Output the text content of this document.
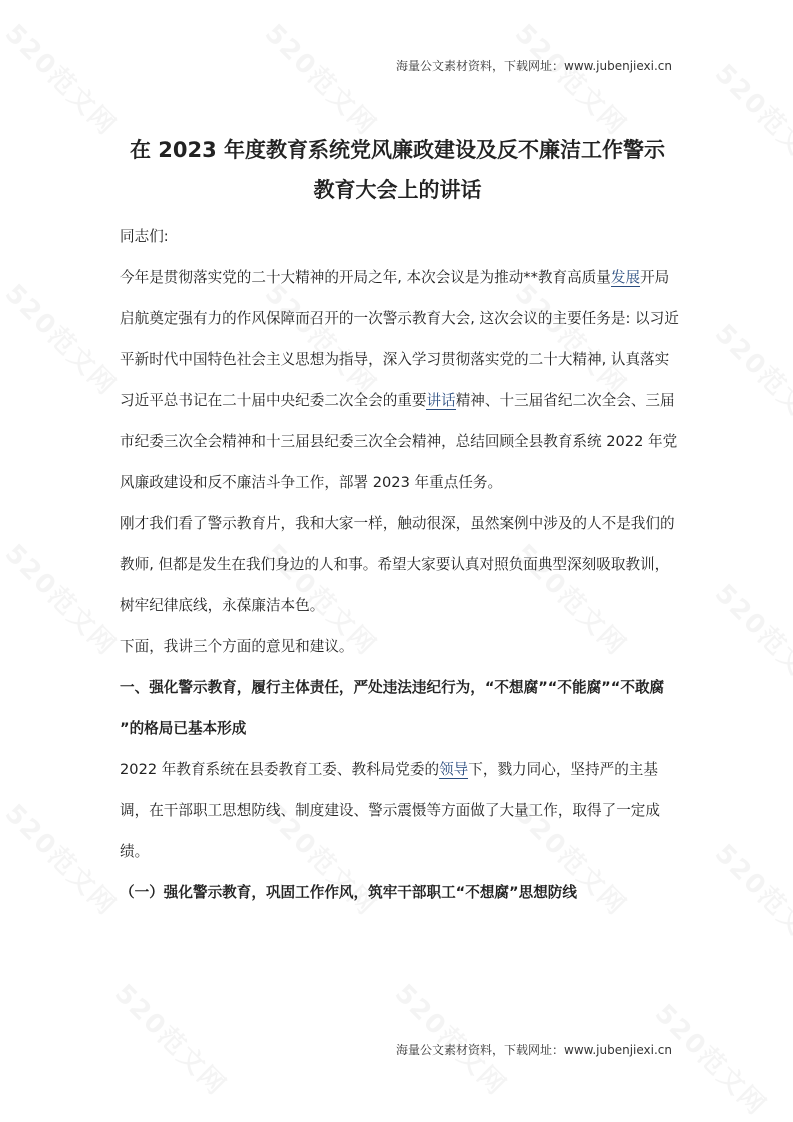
海量公文素材资料，下载网址：www.jubenjiexi.cn
在 2023 年度教育系统党风廉政建设及反不廉洁工作警示
教育大会上的讲话

同志们:

今年是贯彻落实党的二十大精神的开局之年, 本次会议是为推动**教育高质量发展开局启航奠定强有力的作风保障而召开的一次警示教育大会, 这次会议的主要任务是: 以习近平新时代中国特色社会主义思想为指导，深入学习贯彻落实党的二十大精神, 认真落实习近平总书记在二十届中央纪委二次全会的重要讲话精神、十三届省纪二次全会、三届市纪委三次全会精神和十三届县纪委三次全会精神，总结回顾全县教育系统 2022 年党风廉政建设和反不廉洁斗争工作，部署 2023 年重点任务。

刚才我们看了警示教育片，我和大家一样，触动很深，虽然案例中涉及的人不是我们的教师, 但都是发生在我们身边的人和事。希望大家要认真对照负面典型深刻吸取教训，树牢纪律底线，永葆廉洁本色。

下面，我讲三个方面的意见和建议。

一、强化警示教育，履行主体责任，严处违法违纪行为，“不想腐”“不能腐”“不敢腐 ”的格局已基本形成

2022 年教育系统在县委教育工委、教科局党委的领导下，戮力同心，坚持严的主基调，在干部职工思想防线、制度建设、警示震慑等方面做了大量工作，取得了一定成绩。

（一）强化警示教育，巩固工作作风，筑牢干部职工“不想腐”思想防线

海量公文素材资料，下载网址：www.jubenjiexi.cn
